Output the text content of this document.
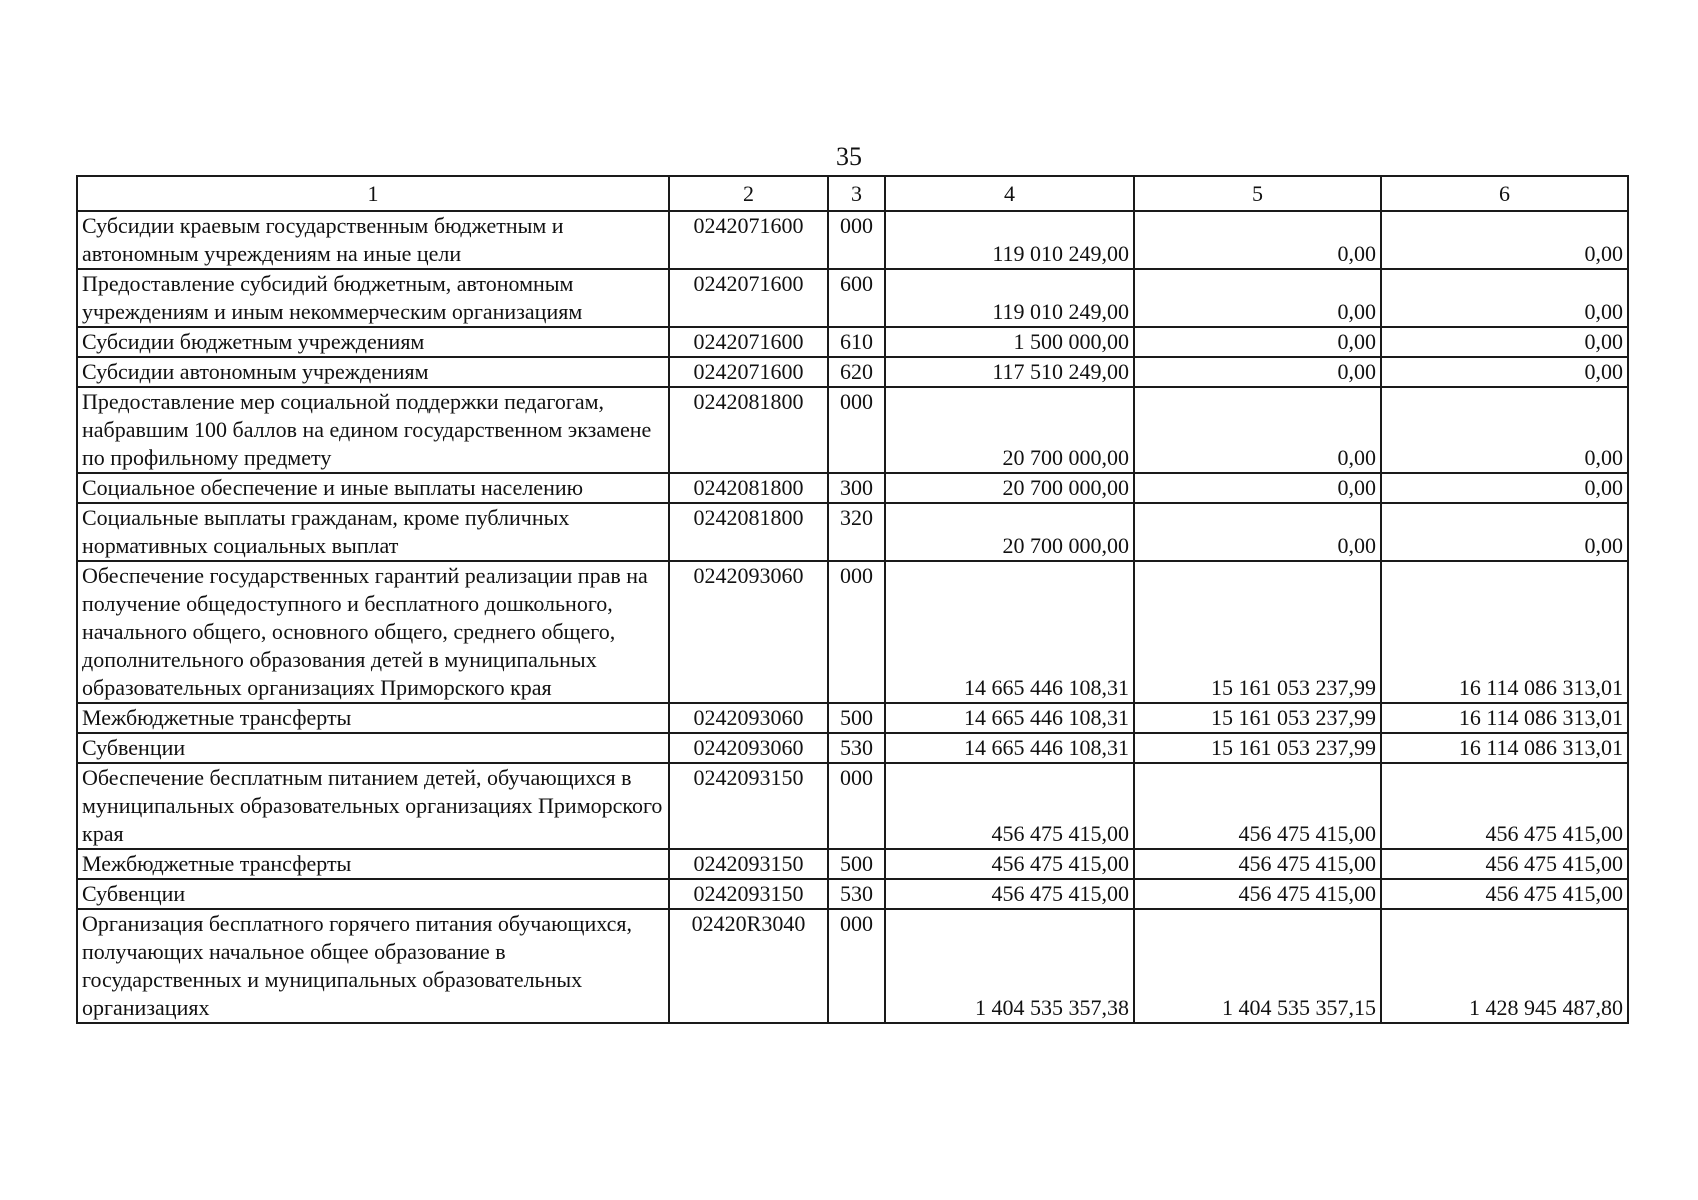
35
1	2	3	4	5	6
Субсидии краевым государственным бюджетным и автономным учреждениям на иные цели	0242071600	000	119 010 249,00	0,00	0,00
Предоставление субсидий бюджетным, автономным учреждениям и иным некоммерческим организациям	0242071600	600	119 010 249,00	0,00	0,00
Субсидии бюджетным учреждениям	0242071600	610	1 500 000,00	0,00	0,00
Субсидии автономным учреждениям	0242071600	620	117 510 249,00	0,00	0,00
Предоставление мер социальной поддержки педагогам, набравшим 100 баллов на едином государственном экзамене по профильному предмету	0242081800	000	20 700 000,00	0,00	0,00
Социальное обеспечение и иные выплаты населению	0242081800	300	20 700 000,00	0,00	0,00
Социальные выплаты гражданам, кроме публичных нормативных социальных выплат	0242081800	320	20 700 000,00	0,00	0,00
Обеспечение государственных гарантий реализации прав на получение общедоступного и бесплатного дошкольного, начального общего, основного общего, среднего общего, дополнительного образования детей в муниципальных образовательных организациях Приморского края	0242093060	000	14 665 446 108,31	15 161 053 237,99	16 114 086 313,01
Межбюджетные трансферты	0242093060	500	14 665 446 108,31	15 161 053 237,99	16 114 086 313,01
Субвенции	0242093060	530	14 665 446 108,31	15 161 053 237,99	16 114 086 313,01
Обеспечение бесплатным питанием детей, обучающихся в муниципальных образовательных организациях Приморского края	0242093150	000	456 475 415,00	456 475 415,00	456 475 415,00
Межбюджетные трансферты	0242093150	500	456 475 415,00	456 475 415,00	456 475 415,00
Субвенции	0242093150	530	456 475 415,00	456 475 415,00	456 475 415,00
Организация бесплатного горячего питания обучающихся, получающих начальное общее образование в государственных и муниципальных образовательных организациях	02420R3040	000	1 404 535 357,38	1 404 535 357,15	1 428 945 487,80
